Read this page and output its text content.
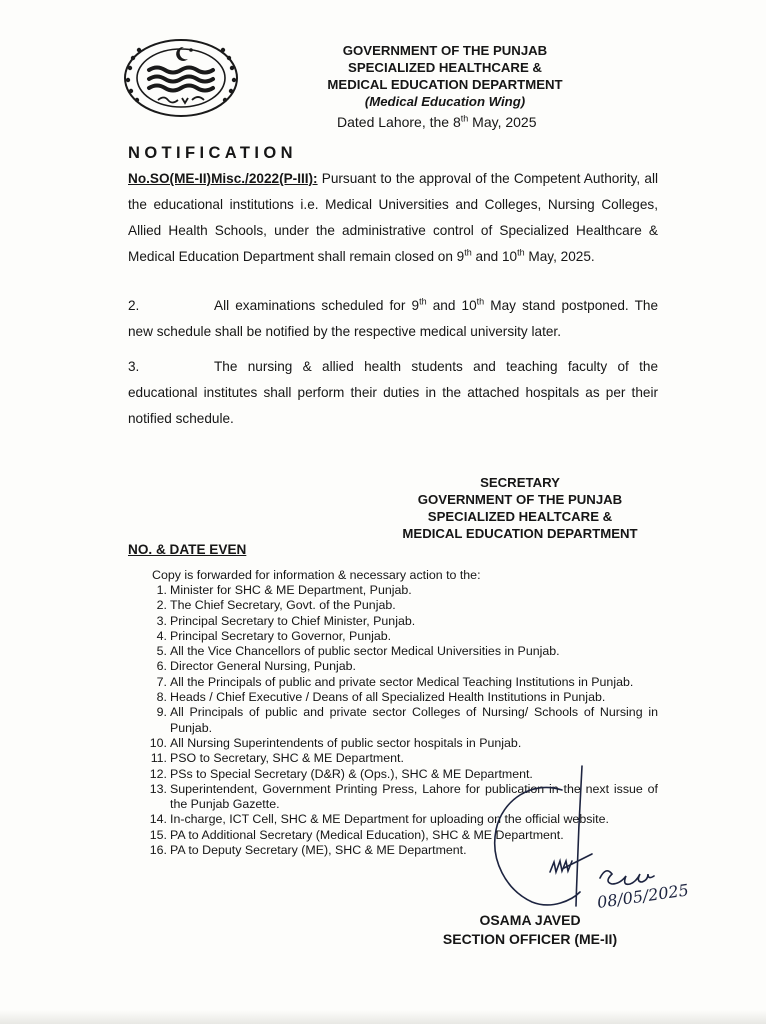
GOVERNMENT OF THE PUNJAB
SPECIALIZED HEALTHCARE &
MEDICAL EDUCATION DEPARTMENT
(Medical Education Wing)
Dated Lahore, the 8th May, 2025
NOTIFICATION
No.SO(ME-II)Misc./2022(P-III): Pursuant to the approval of the Competent Authority, all the educational institutions i.e. Medical Universities and Colleges, Nursing Colleges, Allied Health Schools, under the administrative control of Specialized Healthcare & Medical Education Department shall remain closed on 9th and 10th May, 2025.
2.	All examinations scheduled for 9th and 10th May stand postponed. The new schedule shall be notified by the respective medical university later.
3.	The nursing & allied health students and teaching faculty of the educational institutes shall perform their duties in the attached hospitals as per their notified schedule.
SECRETARY
GOVERNMENT OF THE PUNJAB
SPECIALIZED HEALTCARE &
MEDICAL EDUCATION DEPARTMENT
NO. & DATE EVEN
Copy is forwarded for information & necessary action to the:
1. Minister for SHC & ME Department, Punjab.
2. The Chief Secretary, Govt. of the Punjab.
3. Principal Secretary to Chief Minister, Punjab.
4. Principal Secretary to Governor, Punjab.
5. All the Vice Chancellors of public sector Medical Universities in Punjab.
6. Director General Nursing, Punjab.
7. All the Principals of public and private sector Medical Teaching Institutions in Punjab.
8. Heads / Chief Executive / Deans of all Specialized Health Institutions in Punjab.
9. All Principals of public and private sector Colleges of Nursing/ Schools of Nursing in Punjab.
10. All Nursing Superintendents of public sector hospitals in Punjab.
11. PSO to Secretary, SHC & ME Department.
12. PSs to Special Secretary (D&R) & (Ops.), SHC & ME Department.
13. Superintendent, Government Printing Press, Lahore for publication in the next issue of the Punjab Gazette.
14. In-charge, ICT Cell, SHC & ME Department for uploading on the official website.
15. PA to Additional Secretary (Medical Education), SHC & ME Department.
16. PA to Deputy Secretary (ME), SHC & ME Department.
08/05/2025
OSAMA JAVED
SECTION OFFICER (ME-II)
